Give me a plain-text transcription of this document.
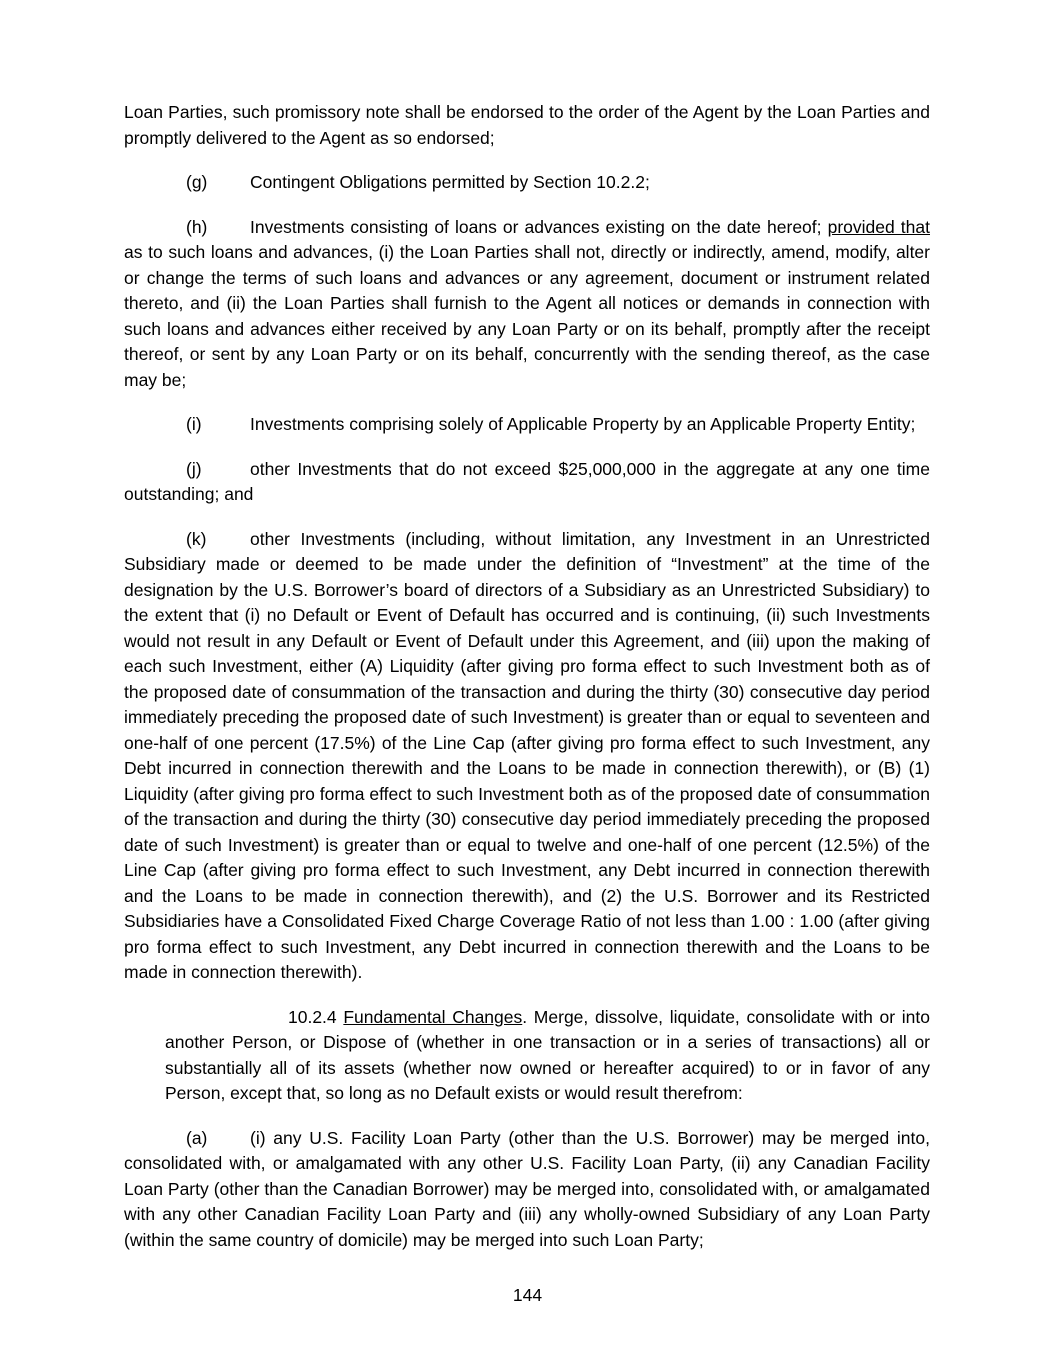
Loan Parties, such promissory note shall be endorsed to the order of the Agent by the Loan Parties and promptly delivered to the Agent as so endorsed;

(g) Contingent Obligations permitted by Section 10.2.2;

(h) Investments consisting of loans or advances existing on the date hereof; provided that as to such loans and advances, (i) the Loan Parties shall not, directly or indirectly, amend, modify, alter or change the terms of such loans and advances or any agreement, document or instrument related thereto, and (ii) the Loan Parties shall furnish to the Agent all notices or demands in connection with such loans and advances either received by any Loan Party or on its behalf, promptly after the receipt thereof, or sent by any Loan Party or on its behalf, concurrently with the sending thereof, as the case may be;

(i)	Investments comprising solely of Applicable Property by an Applicable Property Entity;

(j)	other Investments that do not exceed $25,000,000 in the aggregate at any one time outstanding; and

(k) other Investments (including, without limitation, any Investment in an Unrestricted Subsidiary made or deemed to be made under the definition of “Investment” at the time of the designation by the U.S. Borrower’s board of directors of a Subsidiary as an Unrestricted Subsidiary) to the extent that (i) no Default or Event of Default has occurred and is continuing, (ii) such Investments would not result in any Default or Event of Default under this Agreement, and (iii) upon the making of each such Investment, either (A) Liquidity (after giving pro forma effect to such Investment both as of the proposed date of consummation of the transaction and during the thirty (30) consecutive day period immediately preceding the proposed date of such Investment) is greater than or equal to seventeen and one-half of one percent (17.5%) of the Line Cap (after giving pro forma effect to such Investment, any Debt incurred in connection therewith and the Loans to be made in connection therewith), or (B) (1) Liquidity (after giving pro forma effect to such Investment both as of the proposed date of consummation of the transaction and during the thirty (30) consecutive day period immediately preceding the proposed date of such Investment) is greater than or equal to twelve and one-half of one percent (12.5%) of the Line Cap (after giving pro forma effect to such Investment, any Debt incurred in connection therewith and the Loans to be made in connection therewith), and (2) the U.S. Borrower and its Restricted Subsidiaries have a Consolidated Fixed Charge Coverage Ratio of not less than 1.00 : 1.00 (after giving pro forma effect to such Investment, any Debt incurred in connection therewith and the Loans to be made in connection therewith).

10.2.4 Fundamental Changes. Merge, dissolve, liquidate, consolidate with or into another Person, or Dispose of (whether in one transaction or in a series of transactions) all or substantially all of its assets (whether now owned or hereafter acquired) to or in favor of any Person, except that, so long as no Default exists or would result therefrom:

(a) (i) any U.S. Facility Loan Party (other than the U.S. Borrower) may be merged into, consolidated with, or amalgamated with any other U.S. Facility Loan Party, (ii) any Canadian Facility Loan Party (other than the Canadian Borrower) may be merged into, consolidated with, or amalgamated with any other Canadian Facility Loan Party and (iii) any wholly-owned Subsidiary of any Loan Party (within the same country of domicile) may be merged into such Loan Party;

144
